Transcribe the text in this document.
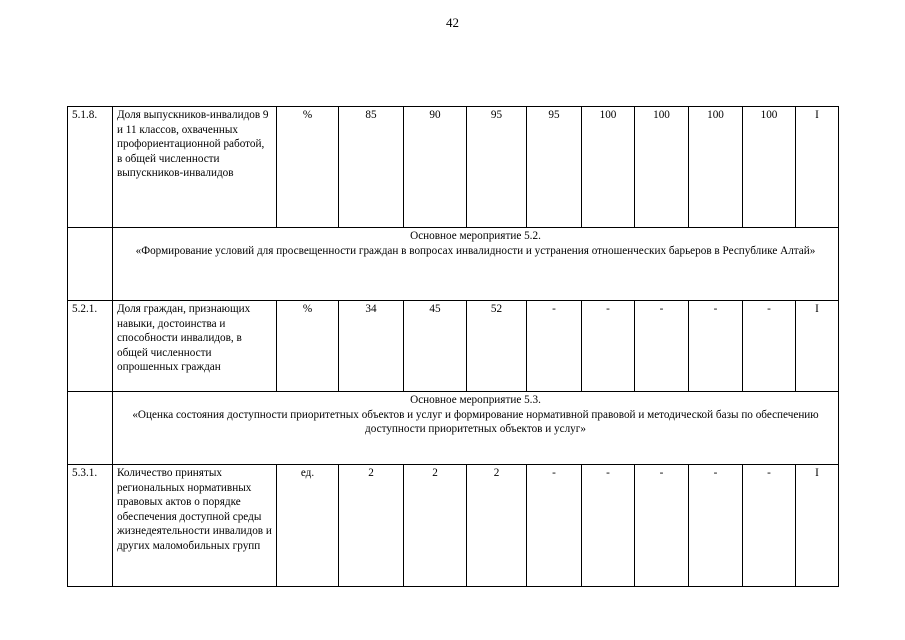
42
5.1.8.	Доля выпускников-инвалидов 9 и 11 классов, охваченных профориентационной работой, в общей численности выпускников-инвалидов	%	85	90	95	95	100	100	100	100	I

	Основное мероприятие 5.2.
«Формирование условий для просвещенности граждан в вопросах инвалидности и устранения отношенческих барьеров в Республике Алтай»										

5.2.1.	Доля граждан, признающих навыки, достоинства и способности инвалидов, в общей численности опрошенных граждан	%	34	45	52	-	-	-	-	-	I

	Основное мероприятие 5.3.
«Оценка состояния доступности приоритетных объектов и услуг и формирование нормативной правовой и методической базы по обеспечению доступности приоритетных объектов и услуг»										

5.3.1.	Количество принятых региональных нормативных правовых актов о порядке обеспечения доступной среды жизнедеятельности инвалидов и других маломобильных групп	ед.	2	2	2	-	-	-	-	-	I
